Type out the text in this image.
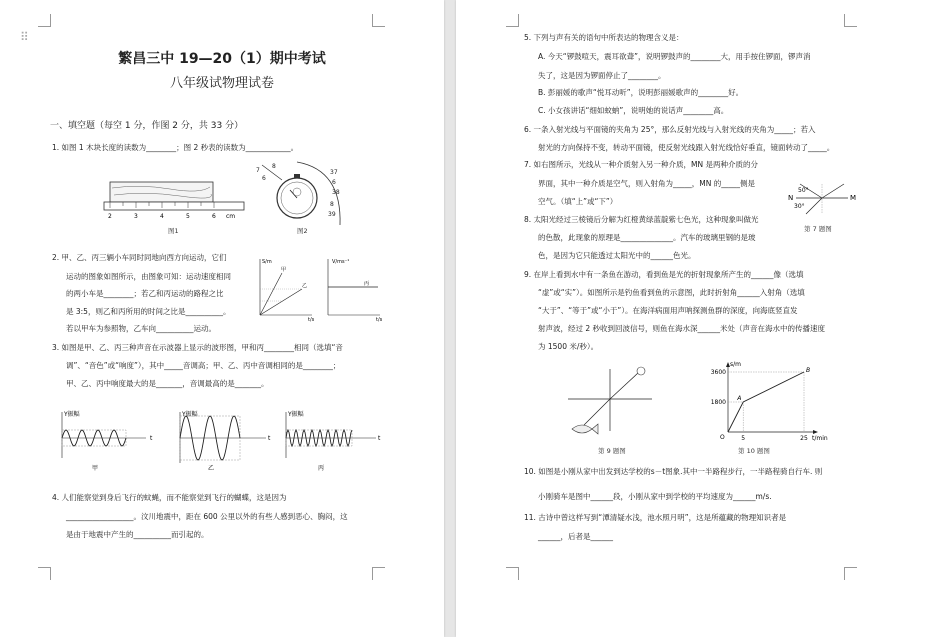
⠿
繁昌三中 19—20（1）期中考试
八年级试物理试卷
一、填空题（每空 1 分，作图 2 分，共 33 分）
1. 如图 1 木块长度的读数为________；图 2 秒表的读数为____________。
2	3	4	5	6 cm
图1
6
7
8
37
6
38
8
39
图2
2. 甲、乙、丙三辆小车同时同地向西方向运动，它们
运动的图象如图所示，由图象可知：运动速度相同
的两小车是________；若乙和丙运动的路程之比
是 3:5，则乙和丙所用的时间之比是__________。
若以甲车为参照物，乙车向__________运动。
S/m
甲
乙
t/s
V/ms⁻¹
丙
t/s
3. 如图是甲、乙、丙三种声音在示波器上显示的波形图，甲和丙________相同（选填“音
调”、“音色”或“响度”），其中_____音调高；甲、乙、丙中音调相同的是________；
甲、乙、丙中响度最大的是_______，音调最高的是_______。
Y振幅	Y振幅	Y振幅
t	t	t
甲	乙	丙
4. 人们能察觉到身后飞行的蚊蝇，而不能察觉到飞行的蝴蝶，这是因为
__________________。汶川地震中，距在 600 公里以外的有些人感到恶心、胸闷，这
是由于地震中产生的__________而引起的。
5. 下列与声有关的语句中所表达的物理含义是：
A. 今天“锣鼓喧天，震耳欲聋”，说明锣鼓声的________大，用手按住锣面，锣声消
失了，这是因为锣面停止了________。
B. 彭丽媛的歌声“悦耳动听”，说明彭丽媛歌声的________好。
C. 小女孩讲话“细如蚊蚋”，说明她的说话声________高。
6. 一条入射光线与平面镜的夹角为 25°，那么反射光线与入射光线的夹角为_____；若入
射光的方向保持不变，转动平面镜，使反射光线跟入射光线恰好垂直，镜面转动了_____。
7. 如右图所示，光线从一种介质射入另一种介质，MN 是两种介质的分
界面，其中一种介质是空气，则入射角为_____，MN 的_____侧是
空气。（填“上”或“下”）	N	M
50°
30°
第 7 题图
8. 太阳光经过三棱镜后分解为红橙黄绿蓝靛紫七色光，这种现象叫做光
的色散，此现象的原理是______________。汽车的玻璃里钢的是玻
色，是因为它只能透过太阳光中的______色光。
9. 在岸上看到水中有一条鱼在游动，看到鱼是光的折射现象所产生的______像（选填
“虚”或“实”）。如图所示是钓鱼看到鱼的示意图，此时折射角______入射角（选填
“大于”、“等于”或“小于”）。在海洋病面用声呐探测鱼群的深度，向海底竖直发
射声波，经过 2 秒收到回波信号，则鱼在海水深______米处（声音在海水中的传播速度
为 1500 米/秒）。
第 9 题图
s/m
t/min
3600
1800
5	25
O
A
B
第 10 题图
10. 如图是小刚从家中出发到达学校的s－t图象.其中一半路程步行，一半路程骑自行车. 则
小刚骑车是图中______段，小刚从家中到学校的平均速度为______m/s.
11. 古诗中曾这样写到“潭清疑水浅，池水照月明”，这是所蕴藏的物理知识者是
______，后者是______
